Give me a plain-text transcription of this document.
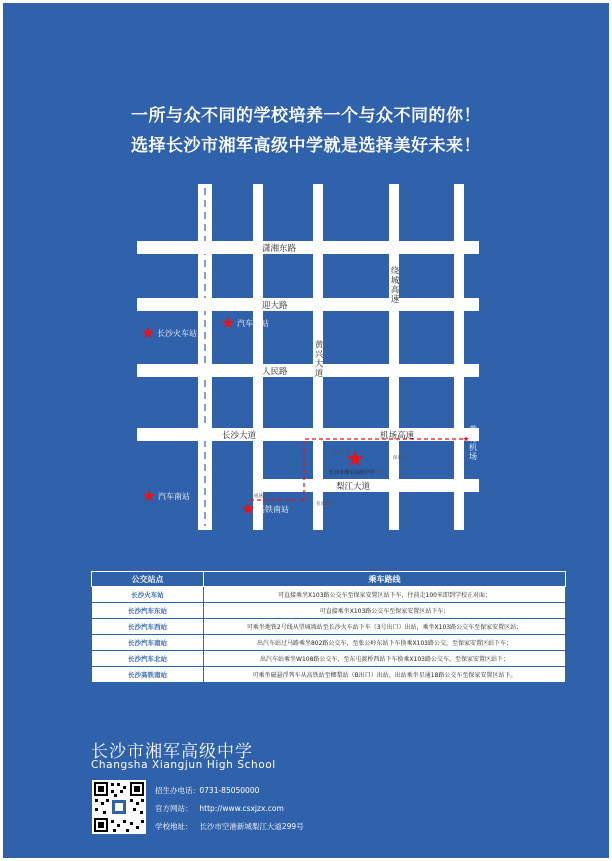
一所与众不同的学校培养一个与众不同的你！
选择长沙市湘军高级中学就是选择美好未来！
潇湘东路
迎大路
人民路
长沙大道	机场高速
梨江大道
黄兴大道
绕城高速
黄兴大道
保利东郡
新城
普洱新路
磁悬浮
长沙火车站
汽车东站
汽车南站
高铁南站
黄花机场
长沙市湘军高级中学
公交站点	乘车路线
长沙火车站	可直接乘坐X103路公交车至保家安置区站下车，往前走100米即到学校正对面；
长沙汽车东站	可直接乘坐X103路公交车至保家安置区站下车；
长沙汽车西站	可乘坐地铁2号线从望城坡站至长沙火车站下车（3号出口）出站，乘坐X103路公交车至保家安置区站；
长沙汽车南站	出汽车站过马路乘坐802路公交车，至张公岭东站下车换乘X103路公交，至保家安置区站下车；
长沙汽车北站	出汽车站乘坐W108路公交车，至东屯渡桥西站下车换乘X103路公交车，至保家安置区站下；
长沙高铁南站	可乘坐磁悬浮列车从高铁站至榔梨站（B出口）出站，出站乘坐星通18路公交车至保家安置区站下。
长沙市湘军高级中学
Changsha Xiangjun High School
招生办电话： 0731-85050000
官方网站： http://www.csxjzx.com
学校地址： 长沙市空港新城梨江大道299号
